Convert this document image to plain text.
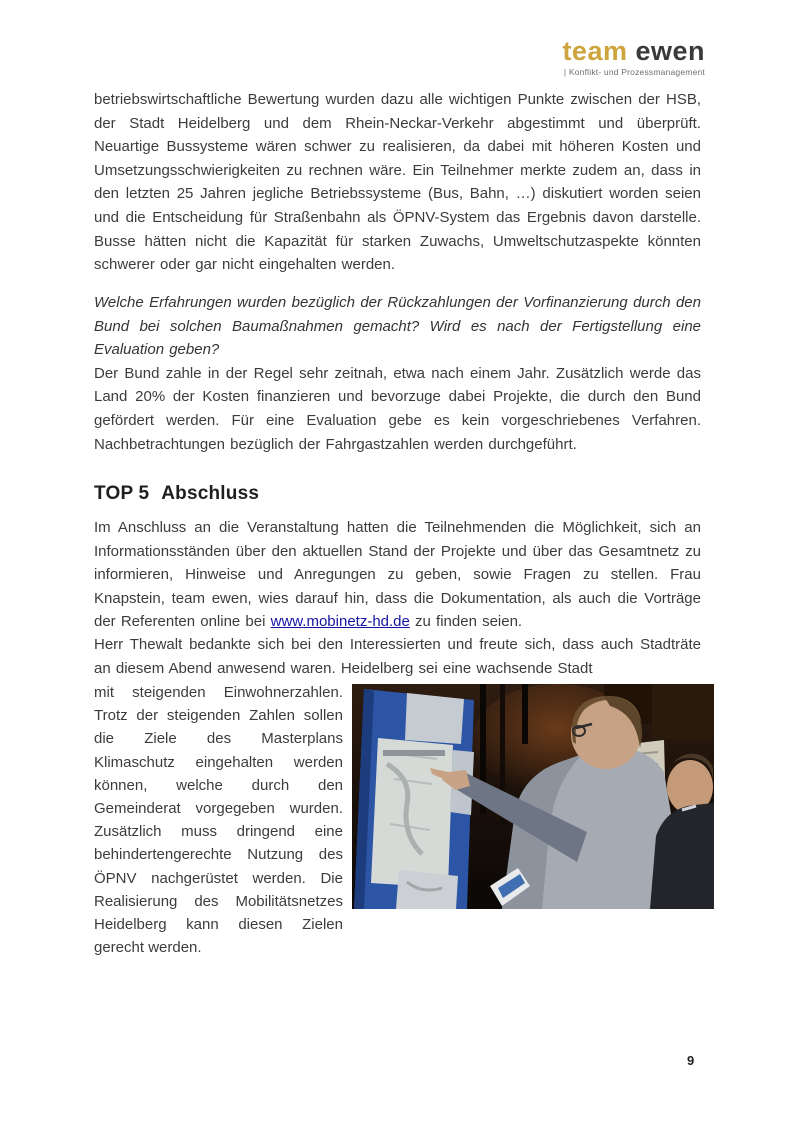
team ewen
| Konflikt- und Prozessmanagement
betriebswirtschaftliche Bewertung wurden dazu alle wichtigen Punkte zwischen der HSB, der Stadt Heidelberg und dem Rhein-Neckar-Verkehr abgestimmt und überprüft. Neuartige Bussysteme wären schwer zu realisieren, da dabei mit höheren Kosten und Umsetzungsschwierigkeiten zu rechnen wäre. Ein Teilnehmer merkte zudem an, dass in den letzten 25 Jahren jegliche Betriebssysteme (Bus, Bahn, …) diskutiert worden seien und die Entscheidung für Straßenbahn als ÖPNV-System das Ergebnis davon darstelle. Busse hätten nicht die Kapazität für starken Zuwachs, Umweltschutzaspekte könnten schwerer oder gar nicht eingehalten werden.
Welche Erfahrungen wurden bezüglich der Rückzahlungen der Vorfinanzierung durch den Bund bei solchen Baumaßnahmen gemacht? Wird es nach der Fertigstellung eine Evaluation geben?
Der Bund zahle in der Regel sehr zeitnah, etwa nach einem Jahr. Zusätzlich werde das Land 20% der Kosten finanzieren und bevorzuge dabei Projekte, die durch den Bund gefördert werden. Für eine Evaluation gebe es kein vorgeschriebenes Verfahren. Nachbetrachtungen bezüglich der Fahrgastzahlen werden durchgeführt.
TOP 5 Abschluss
Im Anschluss an die Veranstaltung hatten die Teilnehmenden die Möglichkeit, sich an Informationsständen über den aktuellen Stand der Projekte und über das Gesamtnetz zu informieren, Hinweise und Anregungen zu geben, sowie Fragen zu stellen. Frau Knapstein, team ewen, wies darauf hin, dass die Dokumentation, als auch die Vorträge der Referenten online bei www.mobinetz-hd.de zu finden seien.
Herr Thewalt bedankte sich bei den Interessierten und freute sich, dass auch Stadträte an diesem Abend anwesend waren. Heidelberg sei eine wachsende Stadt
mit steigenden Einwohnerzahlen. Trotz der steigenden Zahlen sollen die Ziele des Masterplans Klimaschutz eingehalten werden können, welche durch den Gemeinderat vorgegeben wurden. Zusätzlich muss dringend eine behindertengerechte Nutzung des ÖPNV nachgerüstet werden. Die Realisierung des Mobilitätsnetzes Heidelberg kann diesen Zielen gerecht werden.
9
